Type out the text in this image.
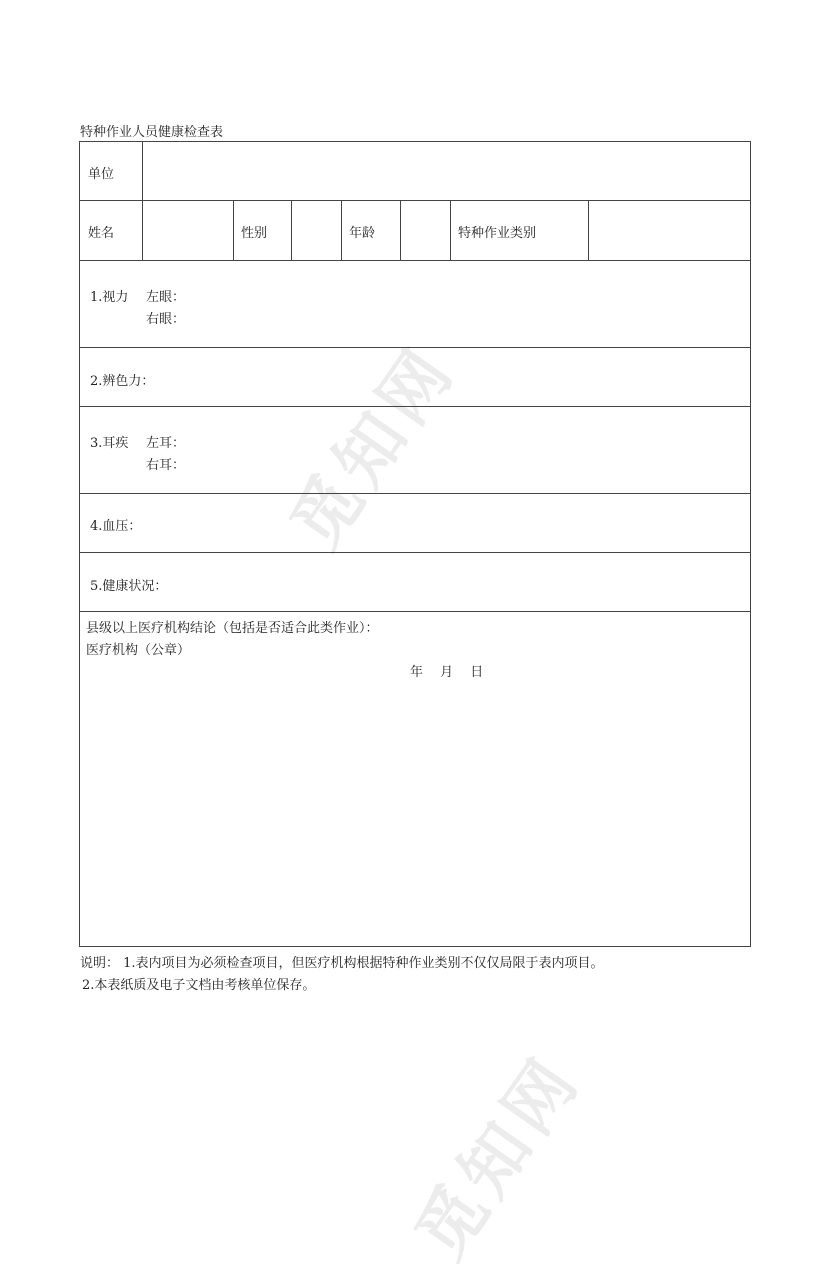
觅知网
觅知网
特种作业人员健康检查表
单位
姓名	性别	年龄	特种作业类别
1.视力 左眼：
右眼：
2.辨色力：
3.耳疾 左耳：
右耳：
4.血压：
5.健康状况：
县级以上医疗机构结论（包括是否适合此类作业）：
医疗机构（公章）
年　 月　 日
说明： 1.表内项目为必须检查项目，但医疗机构根据特种作业类别不仅仅局限于表内项目。
2.本表纸质及电子文档由考核单位保存。
